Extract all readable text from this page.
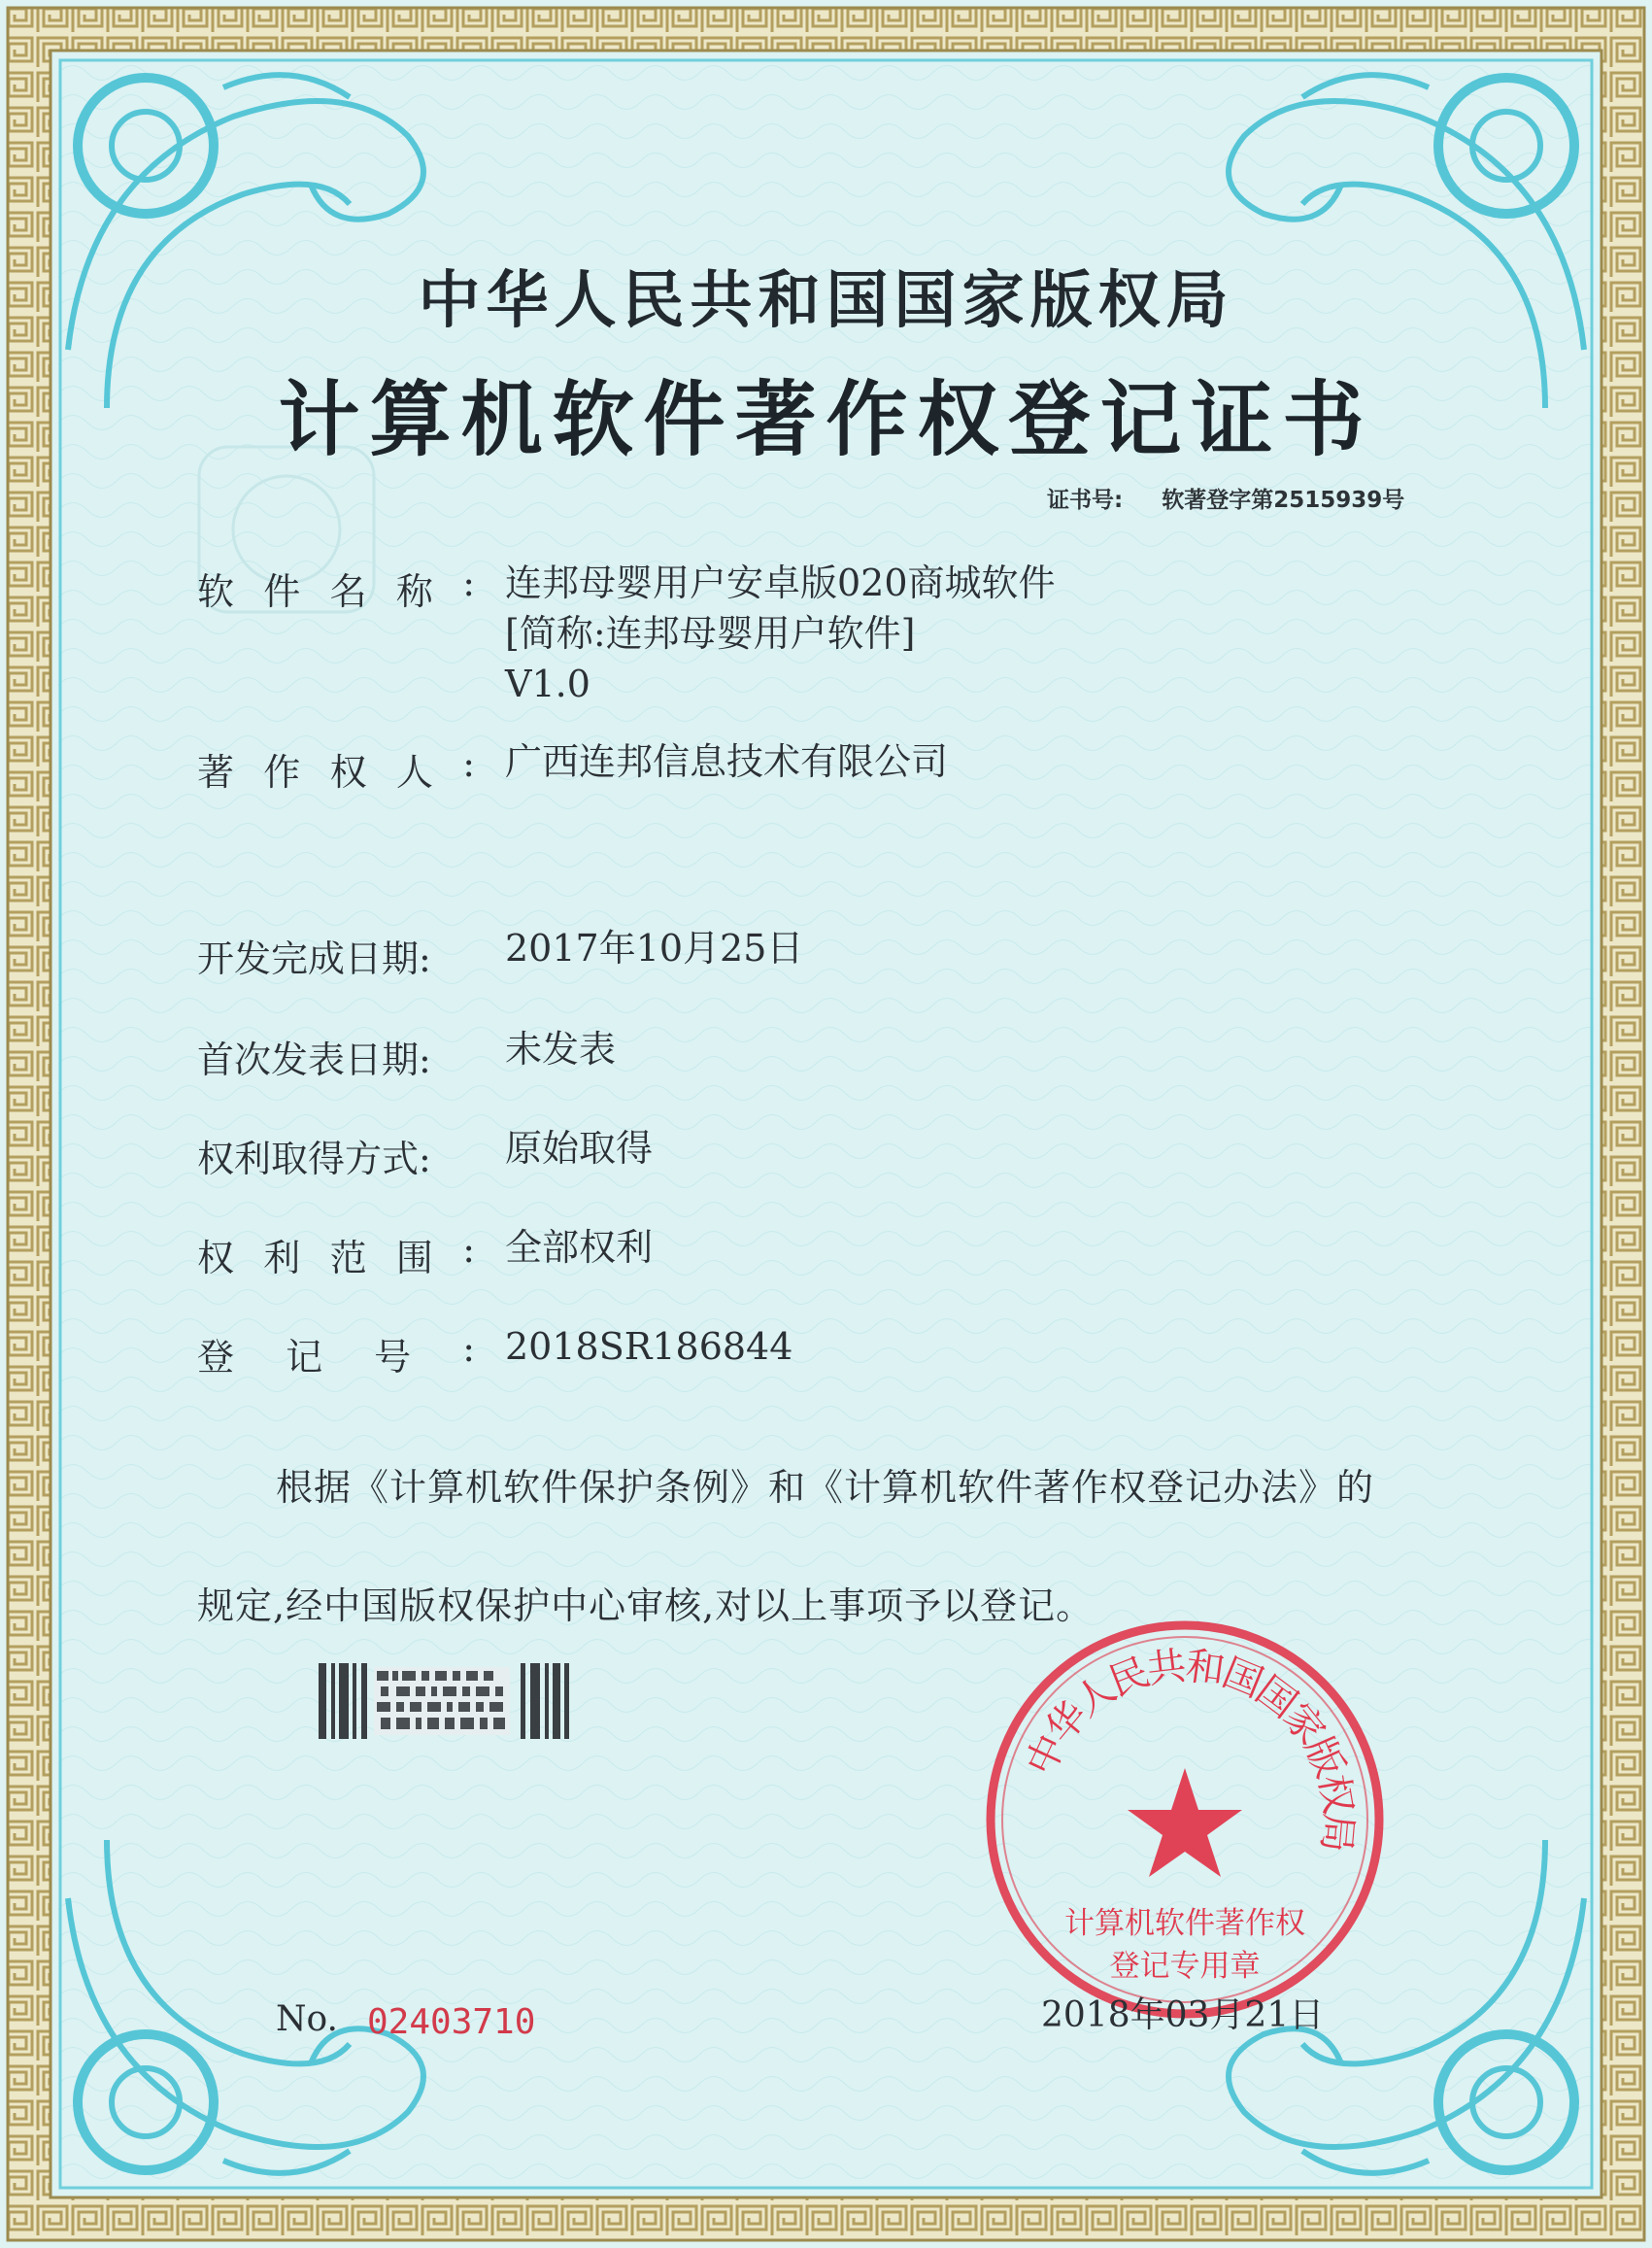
中
华
人
民
共
和
国
国
家
版
权
局
中华人民共和国国家版权局
计算机软件著作权登记证书
证书号: 软著登字第2515939号
软 件 名 称 : 连邦母婴用户安卓版020商城软件
[简称:连邦母婴用户软件]
V1.0
著 作 权 人 : 广西连邦信息技术有限公司
开发完成日期: 2017年10月25日
首次发表日期: 未发表
权利取得方式: 原始取得
权 利 范 围 : 全部权利
登 记 号 : 2018SR186844
根据《计算机软件保护条例》和《计算机软件著作权登记办法》的
规定,经中国版权保护中心审核,对以上事项予以登记。
计算机软件著作权
登记专用章
2018年03月21日
No. 02403710
